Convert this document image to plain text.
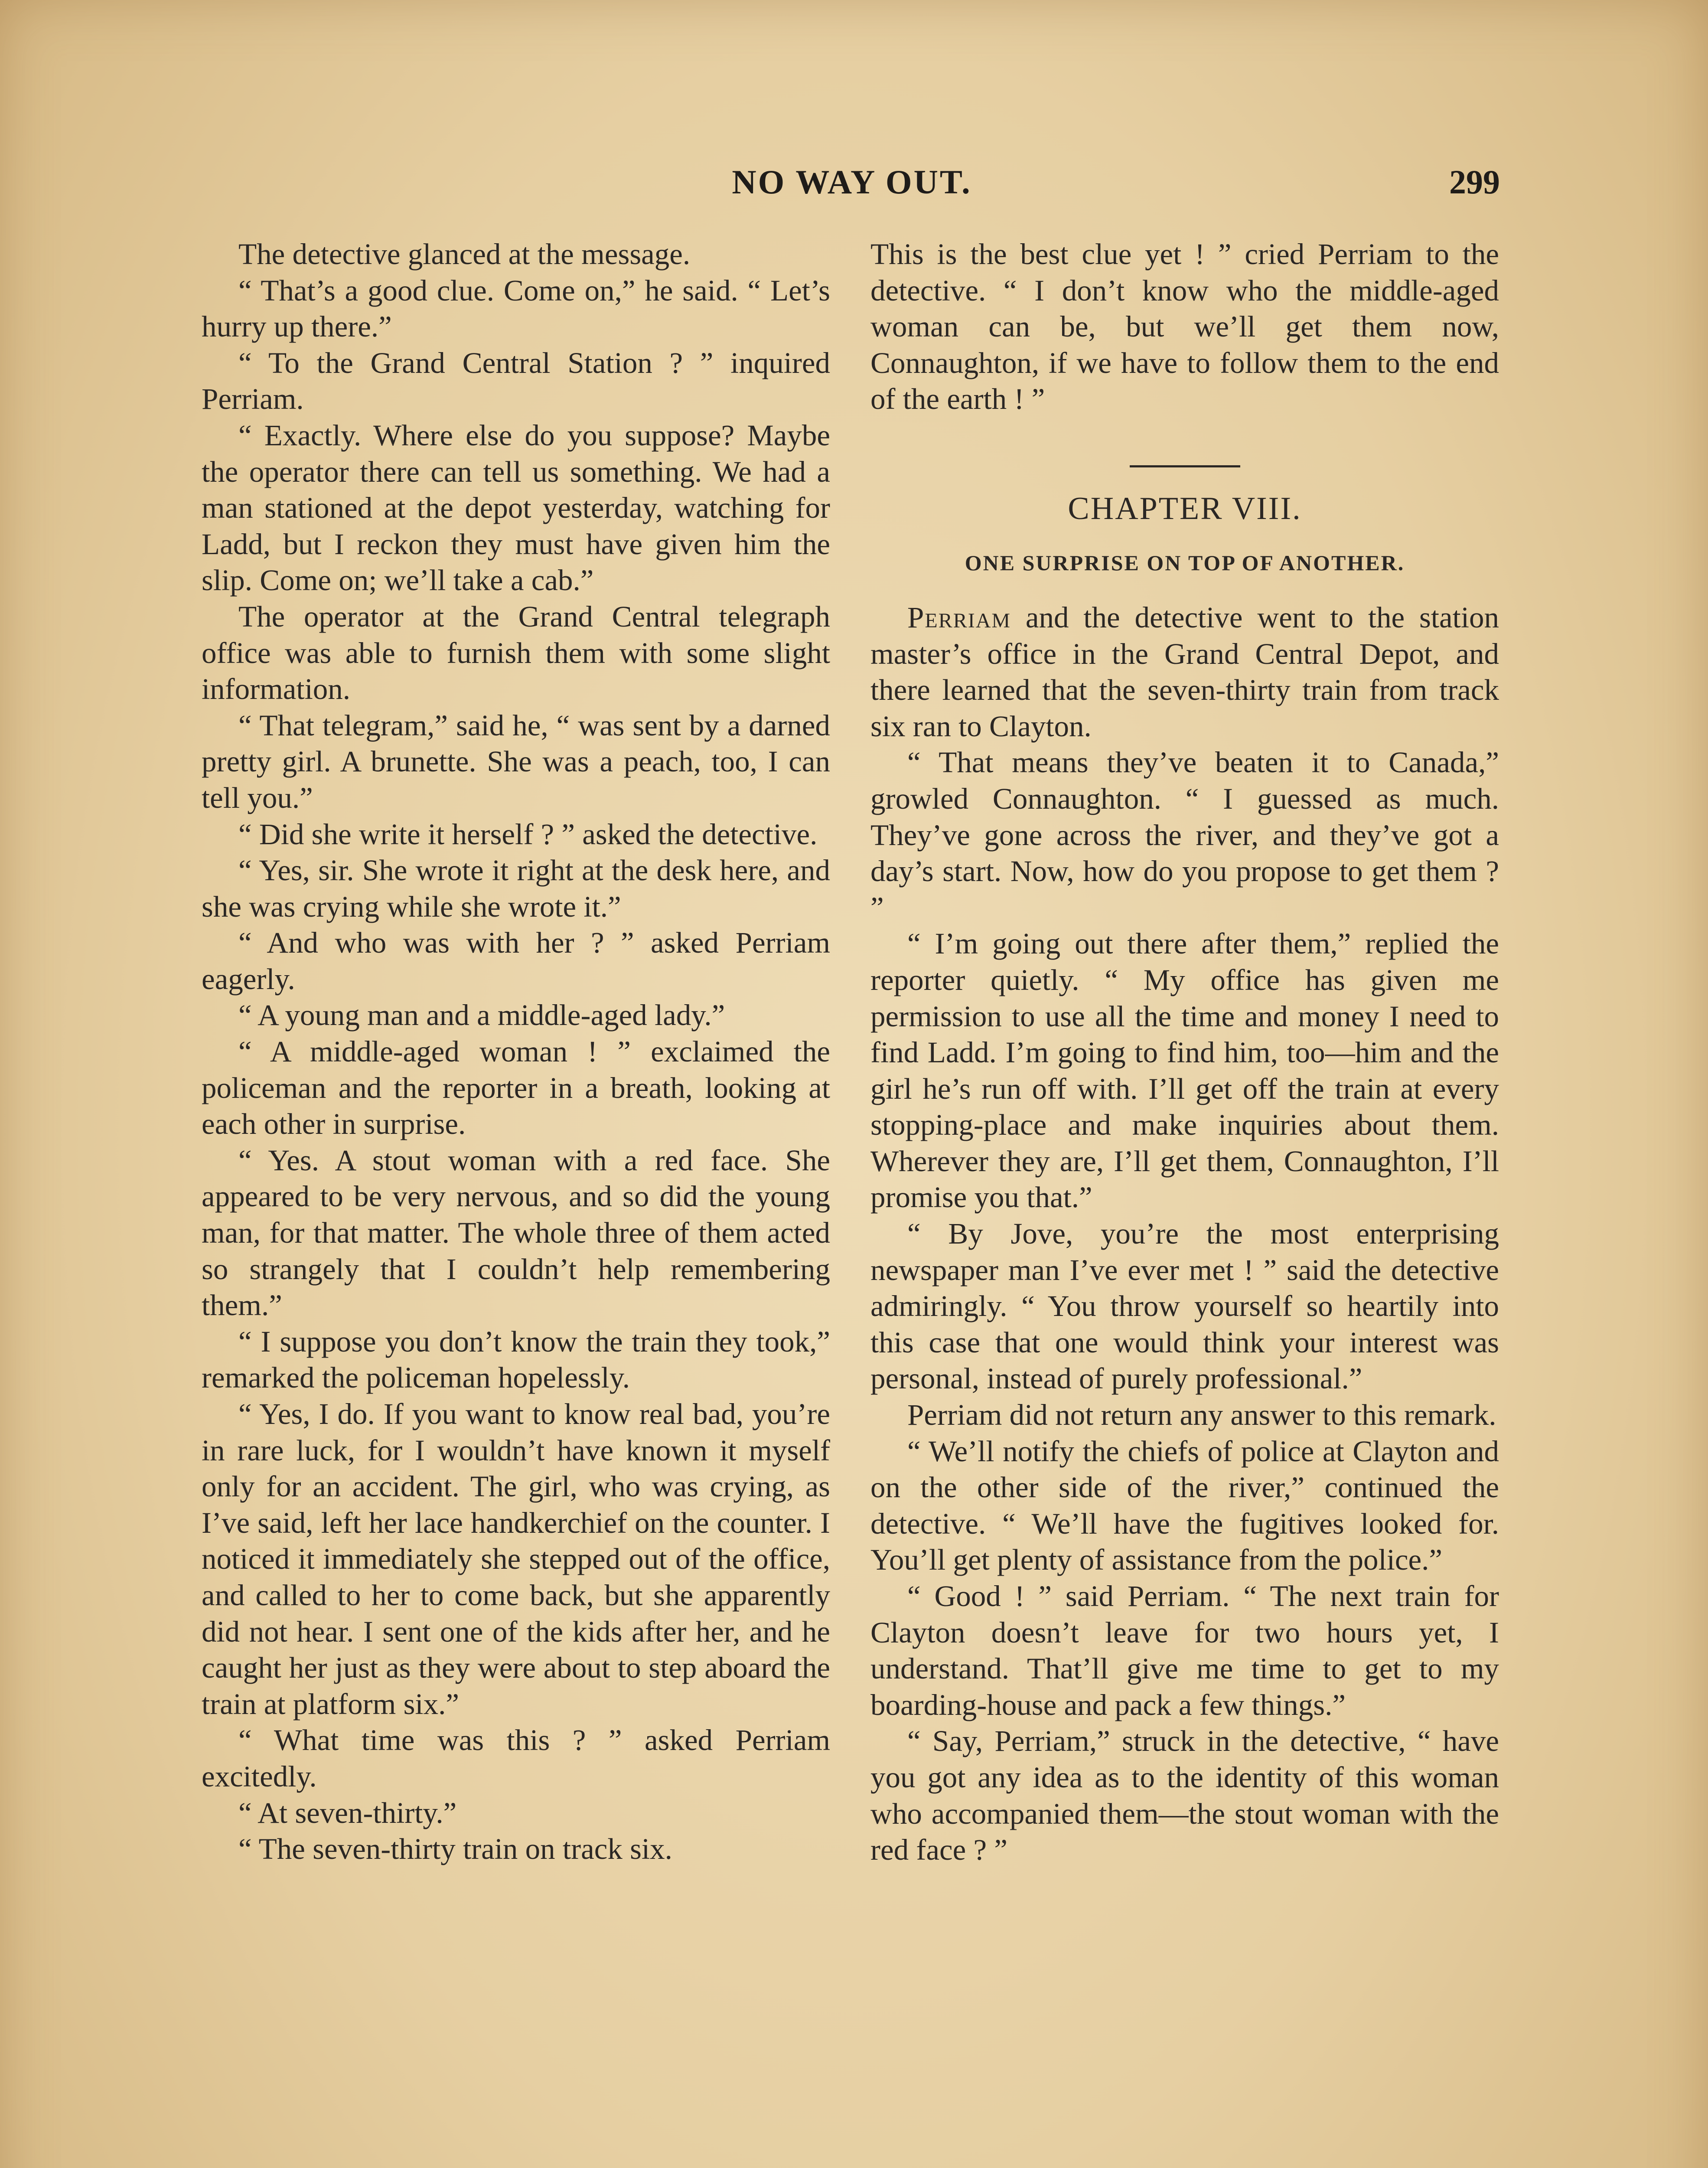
NO WAY OUT.	299

The detective glanced at the message.

“ That’s a good clue. Come on,” he said. “ Let’s hurry up there.”

“ To the Grand Central Station ? ” inquired Perriam.

“ Exactly. Where else do you suppose? Maybe the operator there can tell us something. We had a man stationed at the depot yesterday, watching for Ladd, but I reckon they must have given him the slip. Come on; we’ll take a cab.”

The operator at the Grand Central telegraph office was able to furnish them with some slight information.

“ That telegram,” said he, “ was sent by a darned pretty girl. A brunette. She was a peach, too, I can tell you.”

“ Did she write it herself ? ” asked the detective.

“ Yes, sir. She wrote it right at the desk here, and she was crying while she wrote it.”

“ And who was with her ? ” asked Perriam eagerly.

“ A young man and a middle-aged lady.”

“ A middle-aged woman ! ” exclaimed the policeman and the reporter in a breath, looking at each other in surprise.

“ Yes. A stout woman with a red face. She appeared to be very nervous, and so did the young man, for that matter. The whole three of them acted so strangely that I couldn’t help remembering them.”

“ I suppose you don’t know the train they took,” remarked the policeman hopelessly.

“ Yes, I do. If you want to know real bad, you’re in rare luck, for I wouldn’t have known it myself only for an accident. The girl, who was crying, as I’ve said, left her lace handkerchief on the counter. I noticed it immediately she stepped out of the office, and called to her to come back, but she apparently did not hear. I sent one of the kids after her, and he caught her just as they were about to step aboard the train at platform six.”

“ What time was this ? ” asked Perriam excitedly.

“ At seven-thirty.”

“ The seven-thirty train on track six.

This is the best clue yet ! ” cried Perriam to the detective. “ I don’t know who the middle-aged woman can be, but we’ll get them now, Connaughton, if we have to follow them to the end of the earth ! ”

CHAPTER VIII.
ONE SURPRISE ON TOP OF ANOTHER.

Perriam and the detective went to the station master’s office in the Grand Central Depot, and there learned that the seven-thirty train from track six ran to Clayton.

“ That means they’ve beaten it to Canada,” growled Connaughton. “ I guessed as much. They’ve gone across the river, and they’ve got a day’s start. Now, how do you propose to get them ? ”

“ I’m going out there after them,” replied the reporter quietly. “ My office has given me permission to use all the time and money I need to find Ladd. I’m going to find him, too—him and the girl he’s run off with. I’ll get off the train at every stopping-place and make inquiries about them. Wherever they are, I’ll get them, Connaughton, I’ll promise you that.”

“ By Jove, you’re the most enterprising newspaper man I’ve ever met ! ” said the detective admiringly. “ You throw yourself so heartily into this case that one would think your interest was personal, instead of purely professional.”

Perriam did not return any answer to this remark.

“ We’ll notify the chiefs of police at Clayton and on the other side of the river,” continued the detective. “ We’ll have the fugitives looked for. You’ll get plenty of assistance from the police.”

“ Good ! ” said Perriam. “ The next train for Clayton doesn’t leave for two hours yet, I understand. That’ll give me time to get to my boarding-house and pack a few things.”

“ Say, Perriam,” struck in the detective, “ have you got any idea as to the identity of this woman who accompanied them—the stout woman with the red face ? ”
